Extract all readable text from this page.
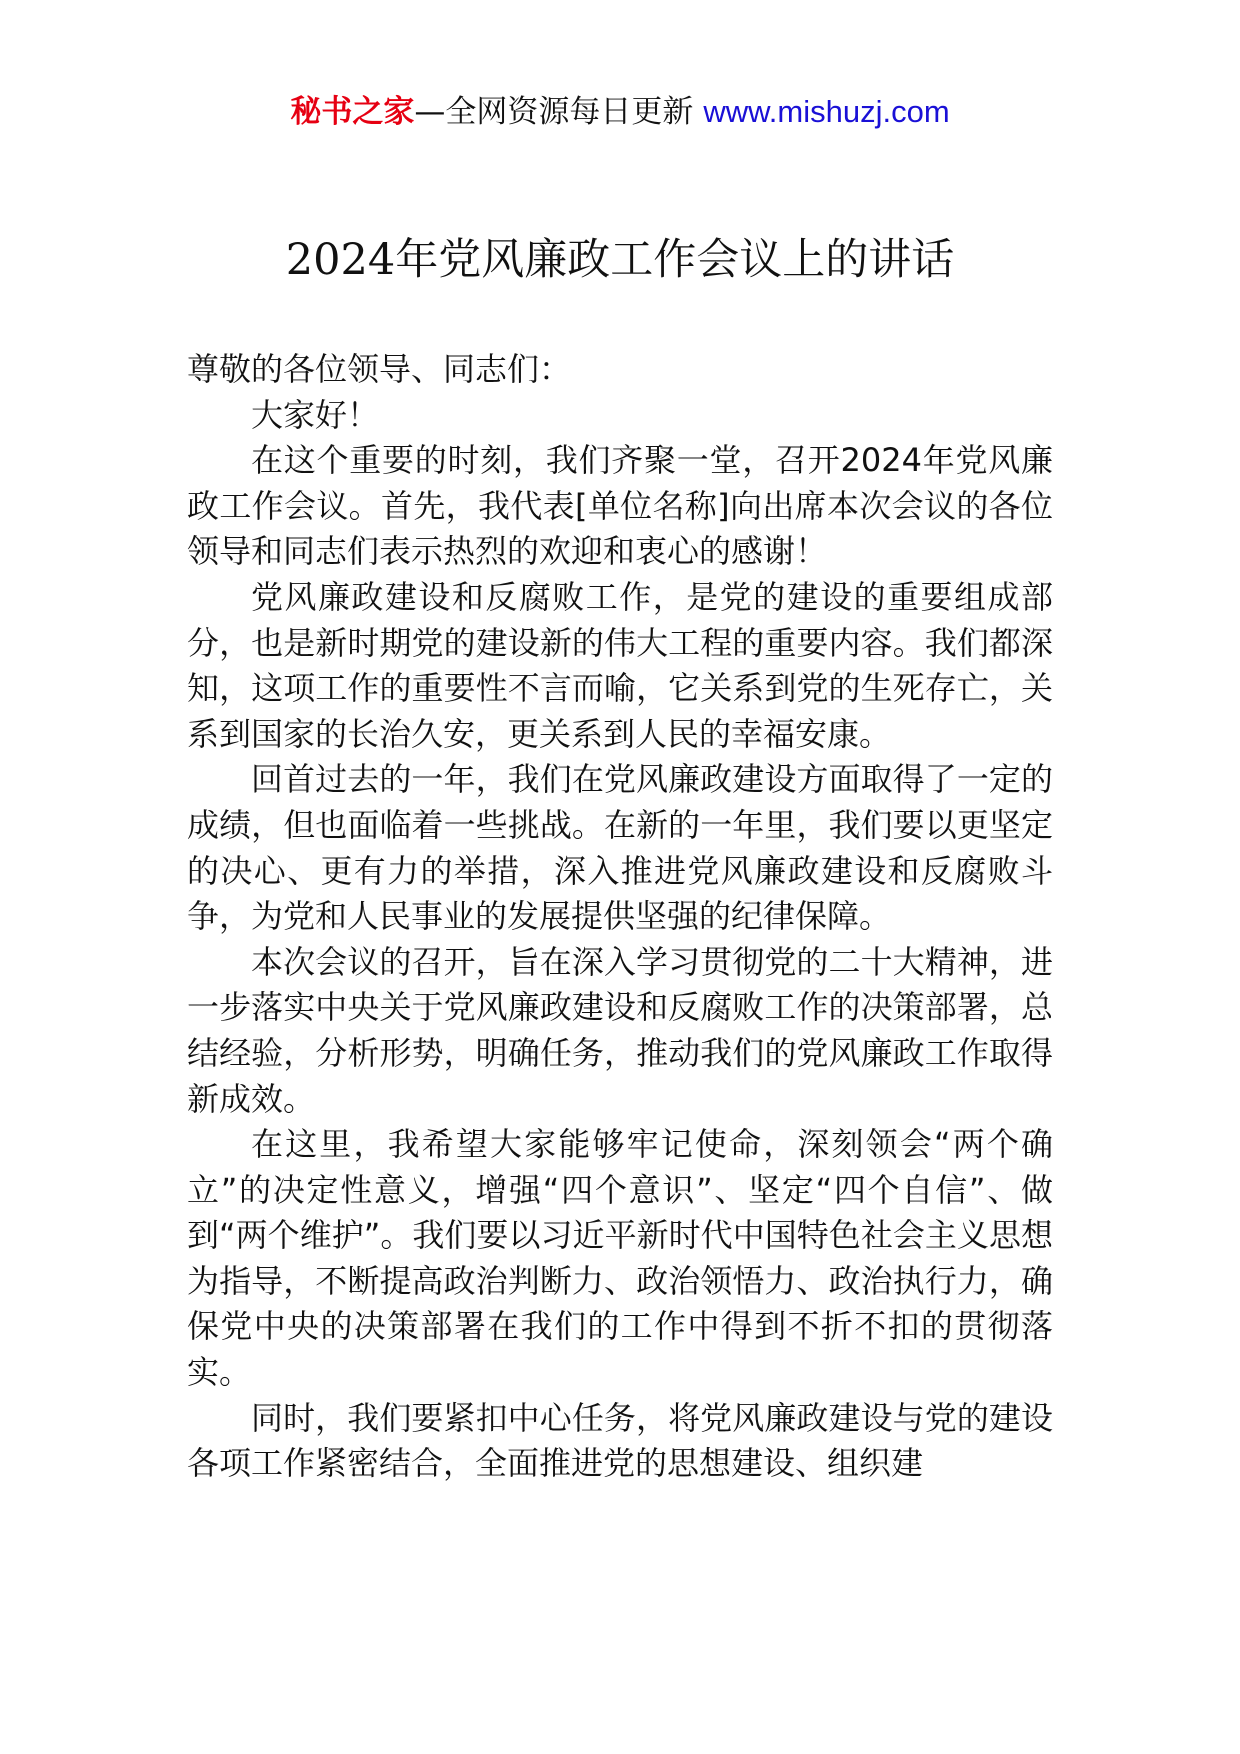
秘书之家—全网资源每日更新 www.mishuzj.com
2024年党风廉政工作会议上的讲话

尊敬的各位领导、同志们：

大家好！

在这个重要的时刻，我们齐聚一堂，召开2024年党风廉政工作会议。首先，我代表[单位名称]向出席本次会议的各位领导和同志们表示热烈的欢迎和衷心的感谢！

党风廉政建设和反腐败工作，是党的建设的重要组成部分，也是新时期党的建设新的伟大工程的重要内容。我们都深知，这项工作的重要性不言而喻，它关系到党的生死存亡，关系到国家的长治久安，更关系到人民的幸福安康。

回首过去的一年，我们在党风廉政建设方面取得了一定的成绩，但也面临着一些挑战。在新的一年里，我们要以更坚定的决心、更有力的举措，深入推进党风廉政建设和反腐败斗争，为党和人民事业的发展提供坚强的纪律保障。

本次会议的召开，旨在深入学习贯彻党的二十大精神，进一步落实中央关于党风廉政建设和反腐败工作的决策部署，总结经验，分析形势，明确任务，推动我们的党风廉政工作取得新成效。

在这里，我希望大家能够牢记使命，深刻领会“两个确立”的决定性意义，增强“四个意识”、坚定“四个自信”、做到“两个维护”。我们要以习近平新时代中国特色社会主义思想为指导，不断提高政治判断力、政治领悟力、政治执行力，确保党中央的决策部署在我们的工作中得到不折不扣的贯彻落实。

同时，我们要紧扣中心任务，将党风廉政建设与党的建设各项工作紧密结合，全面推进党的思想建设、组织建
